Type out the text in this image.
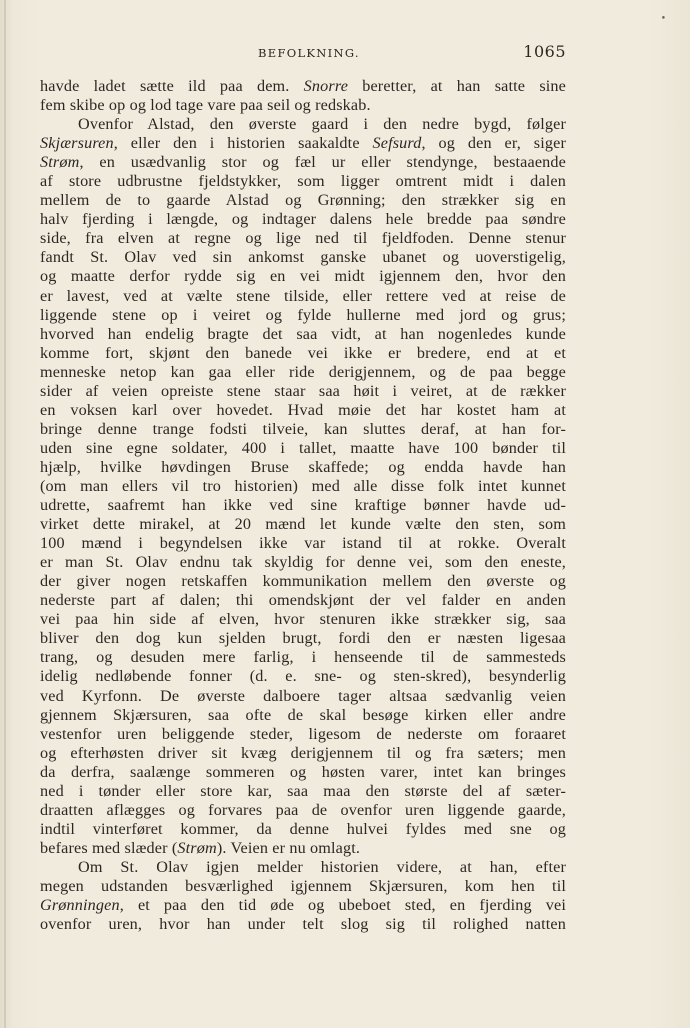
•
BEFOLKNING.	1065
havde ladet sætte ild paa dem. Snorre beretter, at han satte sine
fem skibe op og lod tage vare paa seil og redskab.
Ovenfor Alstad, den øverste gaard i den nedre bygd, følger
Skjærsuren, eller den i historien saakaldte Sefsurd, og den er, siger
Strøm, en usædvanlig stor og fæl ur eller stendynge, bestaaende
af store udbrustne fjeldstykker, som ligger omtrent midt i dalen
mellem de to gaarde Alstad og Grønning; den strækker sig en
halv fjerding i længde, og indtager dalens hele bredde paa søndre
side, fra elven at regne og lige ned til fjeldfoden. Denne stenur
fandt St. Olav ved sin ankomst ganske ubanet og uoverstigelig,
og maatte derfor rydde sig en vei midt igjennem den, hvor den
er lavest, ved at vælte stene tilside, eller rettere ved at reise de
liggende stene op i veiret og fylde hullerne med jord og grus;
hvorved han endelig bragte det saa vidt, at han nogenledes kunde
komme fort, skjønt den banede vei ikke er bredere, end at et
menneske netop kan gaa eller ride derigjennem, og de paa begge
sider af veien opreiste stene staar saa høit i veiret, at de rækker
en voksen karl over hovedet. Hvad møie det har kostet ham at
bringe denne trange fodsti tilveie, kan sluttes deraf, at han for-
uden sine egne soldater, 400 i tallet, maatte have 100 bønder til
hjælp, hvilke høvdingen Bruse skaffede; og endda havde han
(om man ellers vil tro historien) med alle disse folk intet kunnet
udrette, saafremt han ikke ved sine kraftige bønner havde ud-
virket dette mirakel, at 20 mænd let kunde vælte den sten, som
100 mænd i begyndelsen ikke var istand til at rokke. Overalt
er man St. Olav endnu tak skyldig for denne vei, som den eneste,
der giver nogen retskaffen kommunikation mellem den øverste og
nederste part af dalen; thi omendskjønt der vel falder en anden
vei paa hin side af elven, hvor stenuren ikke strækker sig, saa
bliver den dog kun sjelden brugt, fordi den er næsten ligesaa
trang, og desuden mere farlig, i henseende til de sammesteds
idelig nedløbende fonner (d. e. sne- og sten-skred), besynderlig
ved Kyrfonn. De øverste dalboere tager altsaa sædvanlig veien
gjennem Skjærsuren, saa ofte de skal besøge kirken eller andre
vestenfor uren beliggende steder, ligesom de nederste om foraaret
og efterhøsten driver sit kvæg derigjennem til og fra sæters; men
da derfra, saalænge sommeren og høsten varer, intet kan bringes
ned i tønder eller store kar, saa maa den største del af sæter-
draatten aflægges og forvares paa de ovenfor uren liggende gaarde,
indtil vinterføret kommer, da denne hulvei fyldes med sne og
befares med slæder (Strøm). Veien er nu omlagt.
Om St. Olav igjen melder historien videre, at han, efter
megen udstanden besværlighed igjennem Skjærsuren, kom hen til
Grønningen, et paa den tid øde og ubeboet sted, en fjerding vei
ovenfor uren, hvor han under telt slog sig til rolighed natten
